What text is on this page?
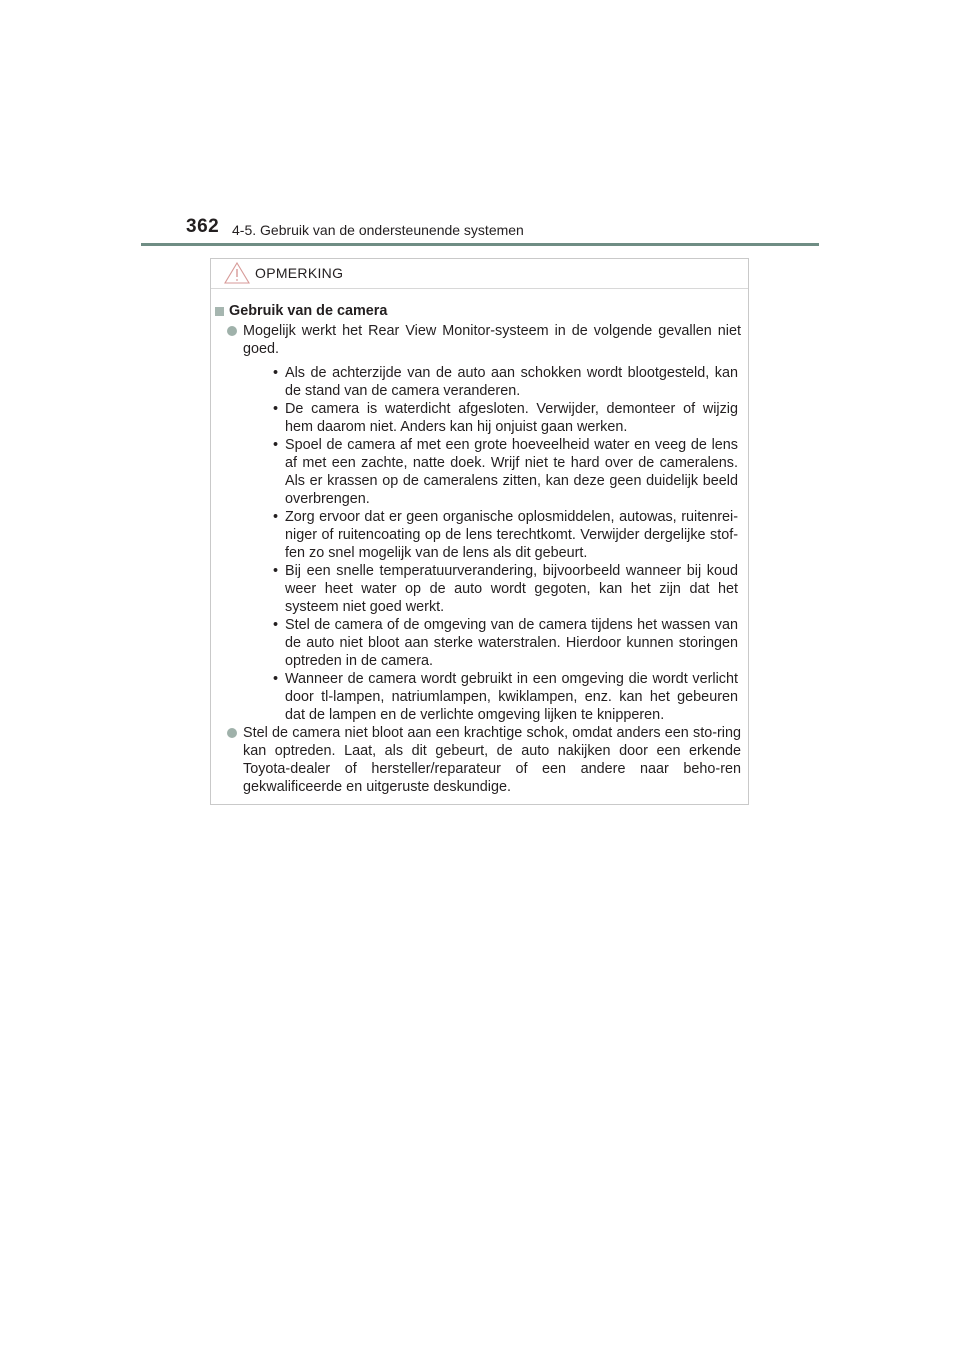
362 4-5. Gebruik van de ondersteunende systemen
OPMERKING
Gebruik van de camera
Mogelijk werkt het Rear View Monitor-systeem in de volgende gevallen niet goed.
• Als de achterzijde van de auto aan schokken wordt blootgesteld, kan de stand van de camera veranderen.
• De camera is waterdicht afgesloten. Verwijder, demonteer of wijzig hem daarom niet. Anders kan hij onjuist gaan werken.
• Spoel de camera af met een grote hoeveelheid water en veeg de lens af met een zachte, natte doek. Wrijf niet te hard over de cameralens. Als er krassen op de cameralens zitten, kan deze geen duidelijk beeld overbrengen.
• Zorg ervoor dat er geen organische oplosmiddelen, autowas, ruitenrei-niger of ruitencoating op de lens terechtkomt. Verwijder dergelijke stof-fen zo snel mogelijk van de lens als dit gebeurt.
• Bij een snelle temperatuurverandering, bijvoorbeeld wanneer bij koud weer heet water op de auto wordt gegoten, kan het zijn dat het systeem niet goed werkt.
• Stel de camera of de omgeving van de camera tijdens het wassen van de auto niet bloot aan sterke waterstralen. Hierdoor kunnen storingen optreden in de camera.
• Wanneer de camera wordt gebruikt in een omgeving die wordt verlicht door tl-lampen, natriumlampen, kwiklampen, enz. kan het gebeuren dat de lampen en de verlichte omgeving lijken te knipperen.
Stel de camera niet bloot aan een krachtige schok, omdat anders een sto-ring kan optreden. Laat, als dit gebeurt, de auto nakijken door een erkende Toyota-dealer of hersteller/reparateur of een andere naar beho-ren gekwalificeerde en uitgeruste deskundige.
